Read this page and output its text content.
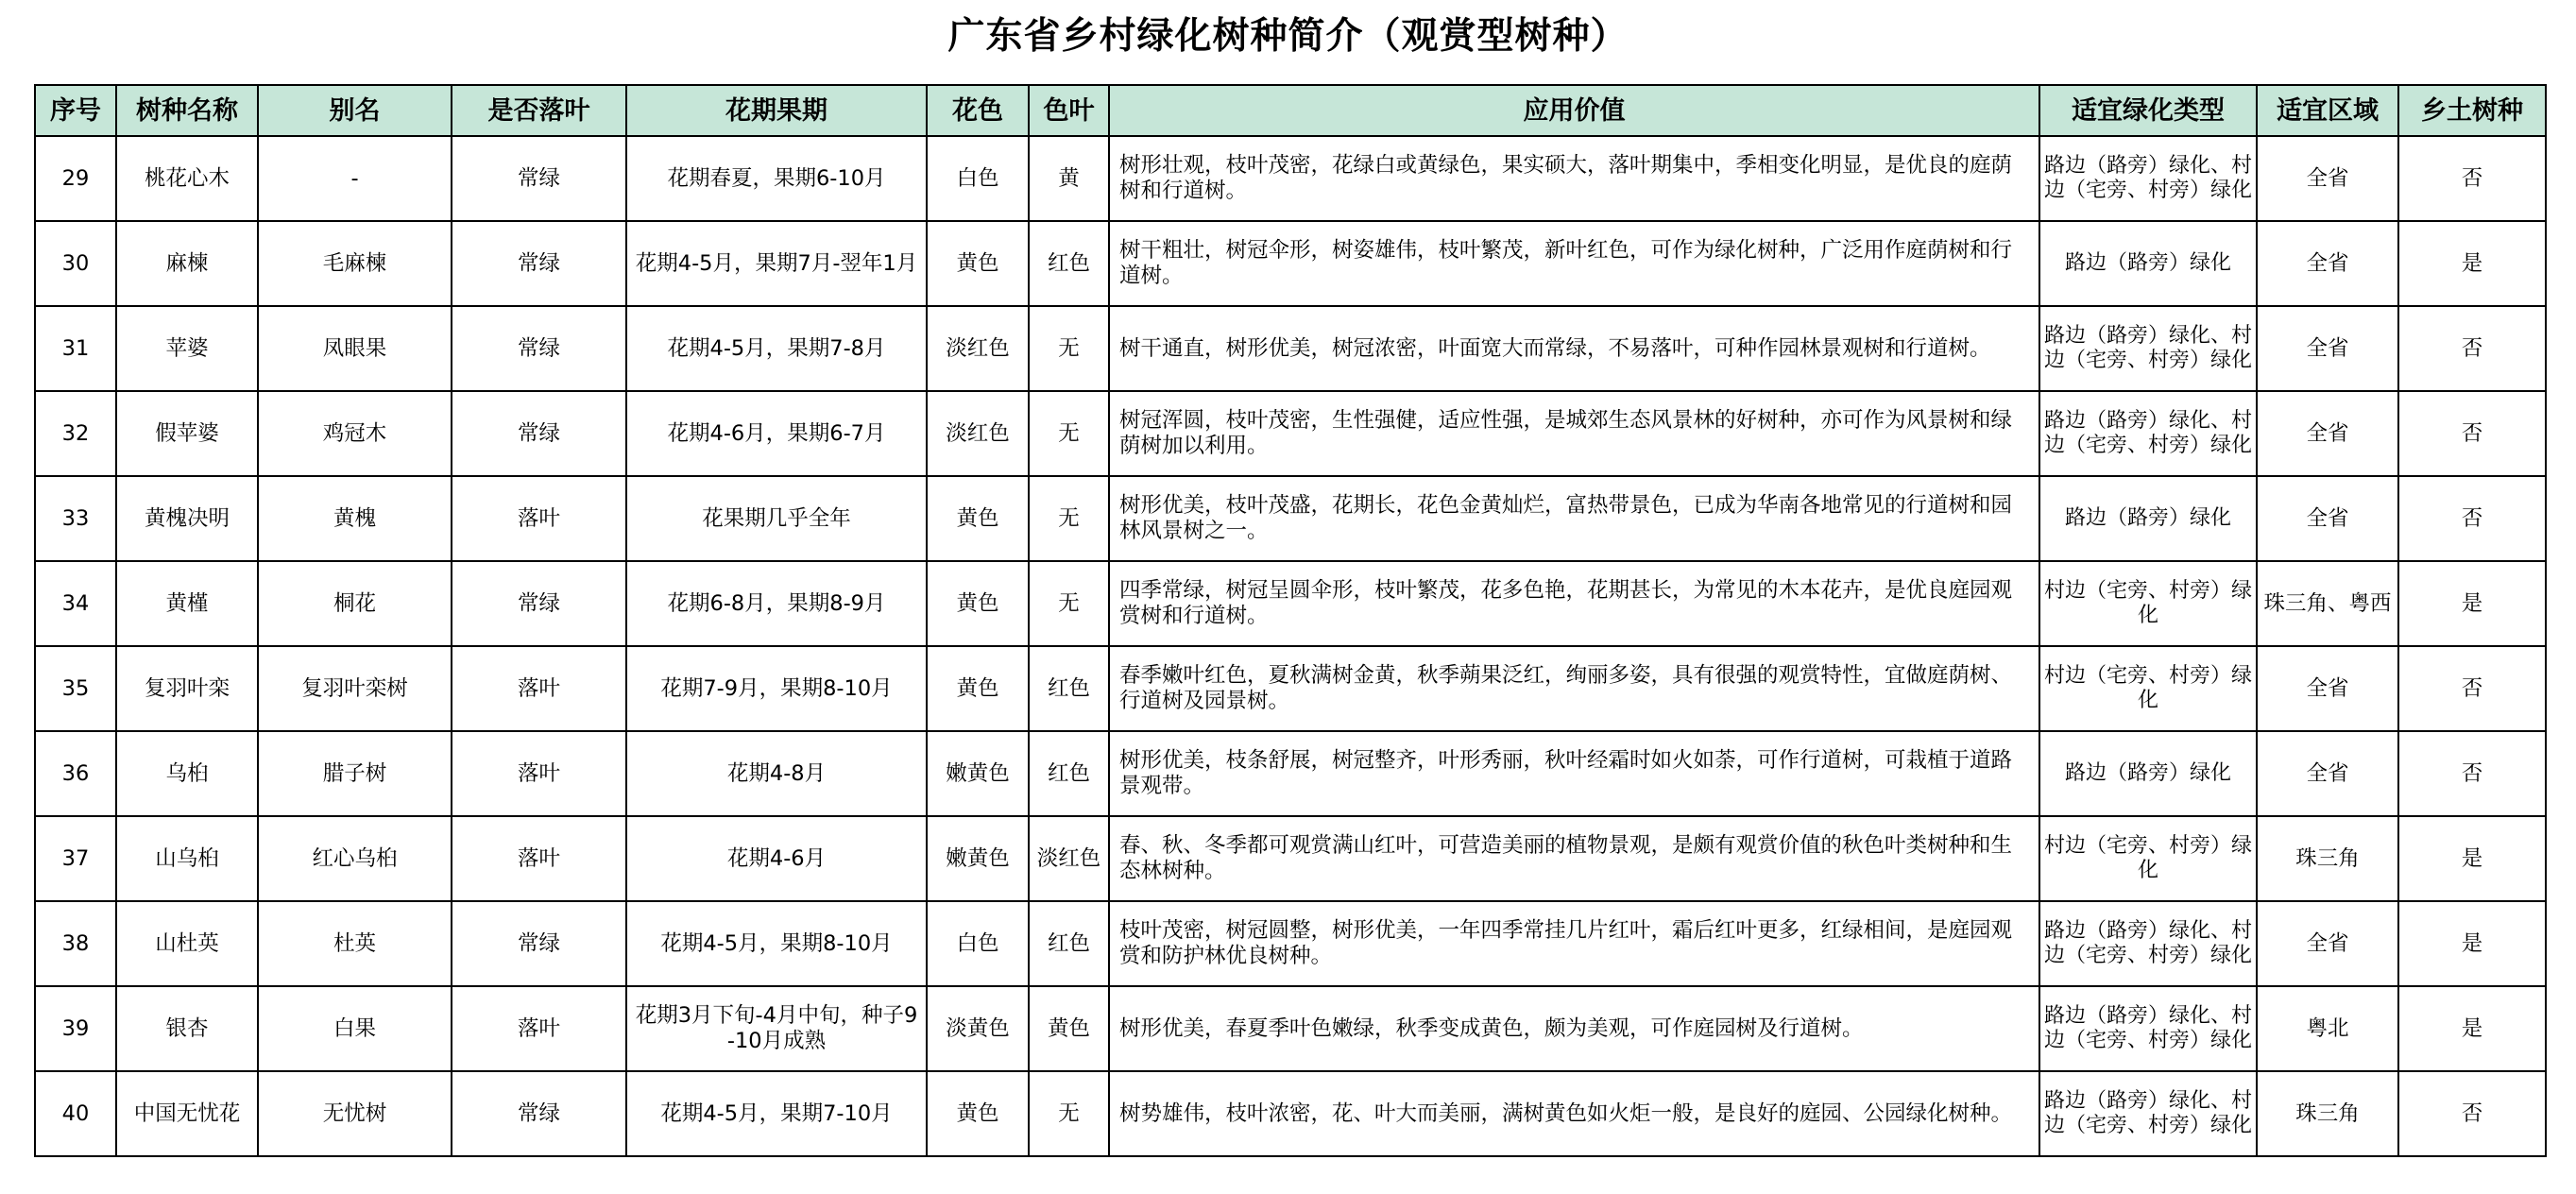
广东省乡村绿化树种简介（观赏型树种）
序号	树种名称	别名	是否落叶	花期果期	花色	色叶	应用价值	适宜绿化类型	适宜区域	乡土树种
29	桃花心木	-	常绿	花期春夏，果期6-10月	白色	黄	树形壮观，枝叶茂密，花绿白或黄绿色，果实硕大，落叶期集中，季相变化明显，是优良的庭荫树和行道树。	路边（路旁）绿化、村边（宅旁、村旁）绿化	全省	否
30	麻楝	毛麻楝	常绿	花期4-5月，果期7月-翌年1月	黄色	红色	树干粗壮，树冠伞形，树姿雄伟，枝叶繁茂，新叶红色，可作为绿化树种，广泛用作庭荫树和行道树。	路边（路旁）绿化	全省	是
31	苹婆	凤眼果	常绿	花期4-5月，果期7-8月	淡红色	无	树干通直，树形优美，树冠浓密，叶面宽大而常绿，不易落叶，可种作园林景观树和行道树。	路边（路旁）绿化、村边（宅旁、村旁）绿化	全省	否
32	假苹婆	鸡冠木	常绿	花期4-6月，果期6-7月	淡红色	无	树冠浑圆，枝叶茂密，生性强健，适应性强，是城郊生态风景林的好树种，亦可作为风景树和绿荫树加以利用。	路边（路旁）绿化、村边（宅旁、村旁）绿化	全省	否
33	黄槐决明	黄槐	落叶	花果期几乎全年	黄色	无	树形优美，枝叶茂盛，花期长，花色金黄灿烂，富热带景色，已成为华南各地常见的行道树和园林风景树之一。	路边（路旁）绿化	全省	否
34	黄槿	桐花	常绿	花期6-8月，果期8-9月	黄色	无	四季常绿，树冠呈圆伞形，枝叶繁茂，花多色艳，花期甚长，为常见的木本花卉，是优良庭园观赏树和行道树。	村边（宅旁、村旁）绿化	珠三角、粤西	是
35	复羽叶栾	复羽叶栾树	落叶	花期7-9月，果期8-10月	黄色	红色	春季嫩叶红色，夏秋满树金黄，秋季蒴果泛红，绚丽多姿，具有很强的观赏特性，宜做庭荫树、行道树及园景树。	村边（宅旁、村旁）绿化	全省	否
36	乌桕	腊子树	落叶	花期4-8月	嫩黄色	红色	树形优美，枝条舒展，树冠整齐，叶形秀丽，秋叶经霜时如火如荼，可作行道树，可栽植于道路景观带。	路边（路旁）绿化	全省	否
37	山乌桕	红心乌桕	落叶	花期4-6月	嫩黄色	淡红色	春、秋、冬季都可观赏满山红叶，可营造美丽的植物景观，是颇有观赏价值的秋色叶类树种和生态林树种。	村边（宅旁、村旁）绿化	珠三角	是
38	山杜英	杜英	常绿	花期4-5月，果期8-10月	白色	红色	枝叶茂密，树冠圆整，树形优美，一年四季常挂几片红叶，霜后红叶更多，红绿相间，是庭园观赏和防护林优良树种。	路边（路旁）绿化、村边（宅旁、村旁）绿化	全省	是
39	银杏	白果	落叶	花期3月下旬-4月中旬，种子9-10月成熟	淡黄色	黄色	树形优美，春夏季叶色嫩绿，秋季变成黄色，颇为美观，可作庭园树及行道树。	路边（路旁）绿化、村边（宅旁、村旁）绿化	粤北	是
40	中国无忧花	无忧树	常绿	花期4-5月，果期7-10月	黄色	无	树势雄伟，枝叶浓密，花、叶大而美丽，满树黄色如火炬一般，是良好的庭园、公园绿化树种。	路边（路旁）绿化、村边（宅旁、村旁）绿化	珠三角	否
